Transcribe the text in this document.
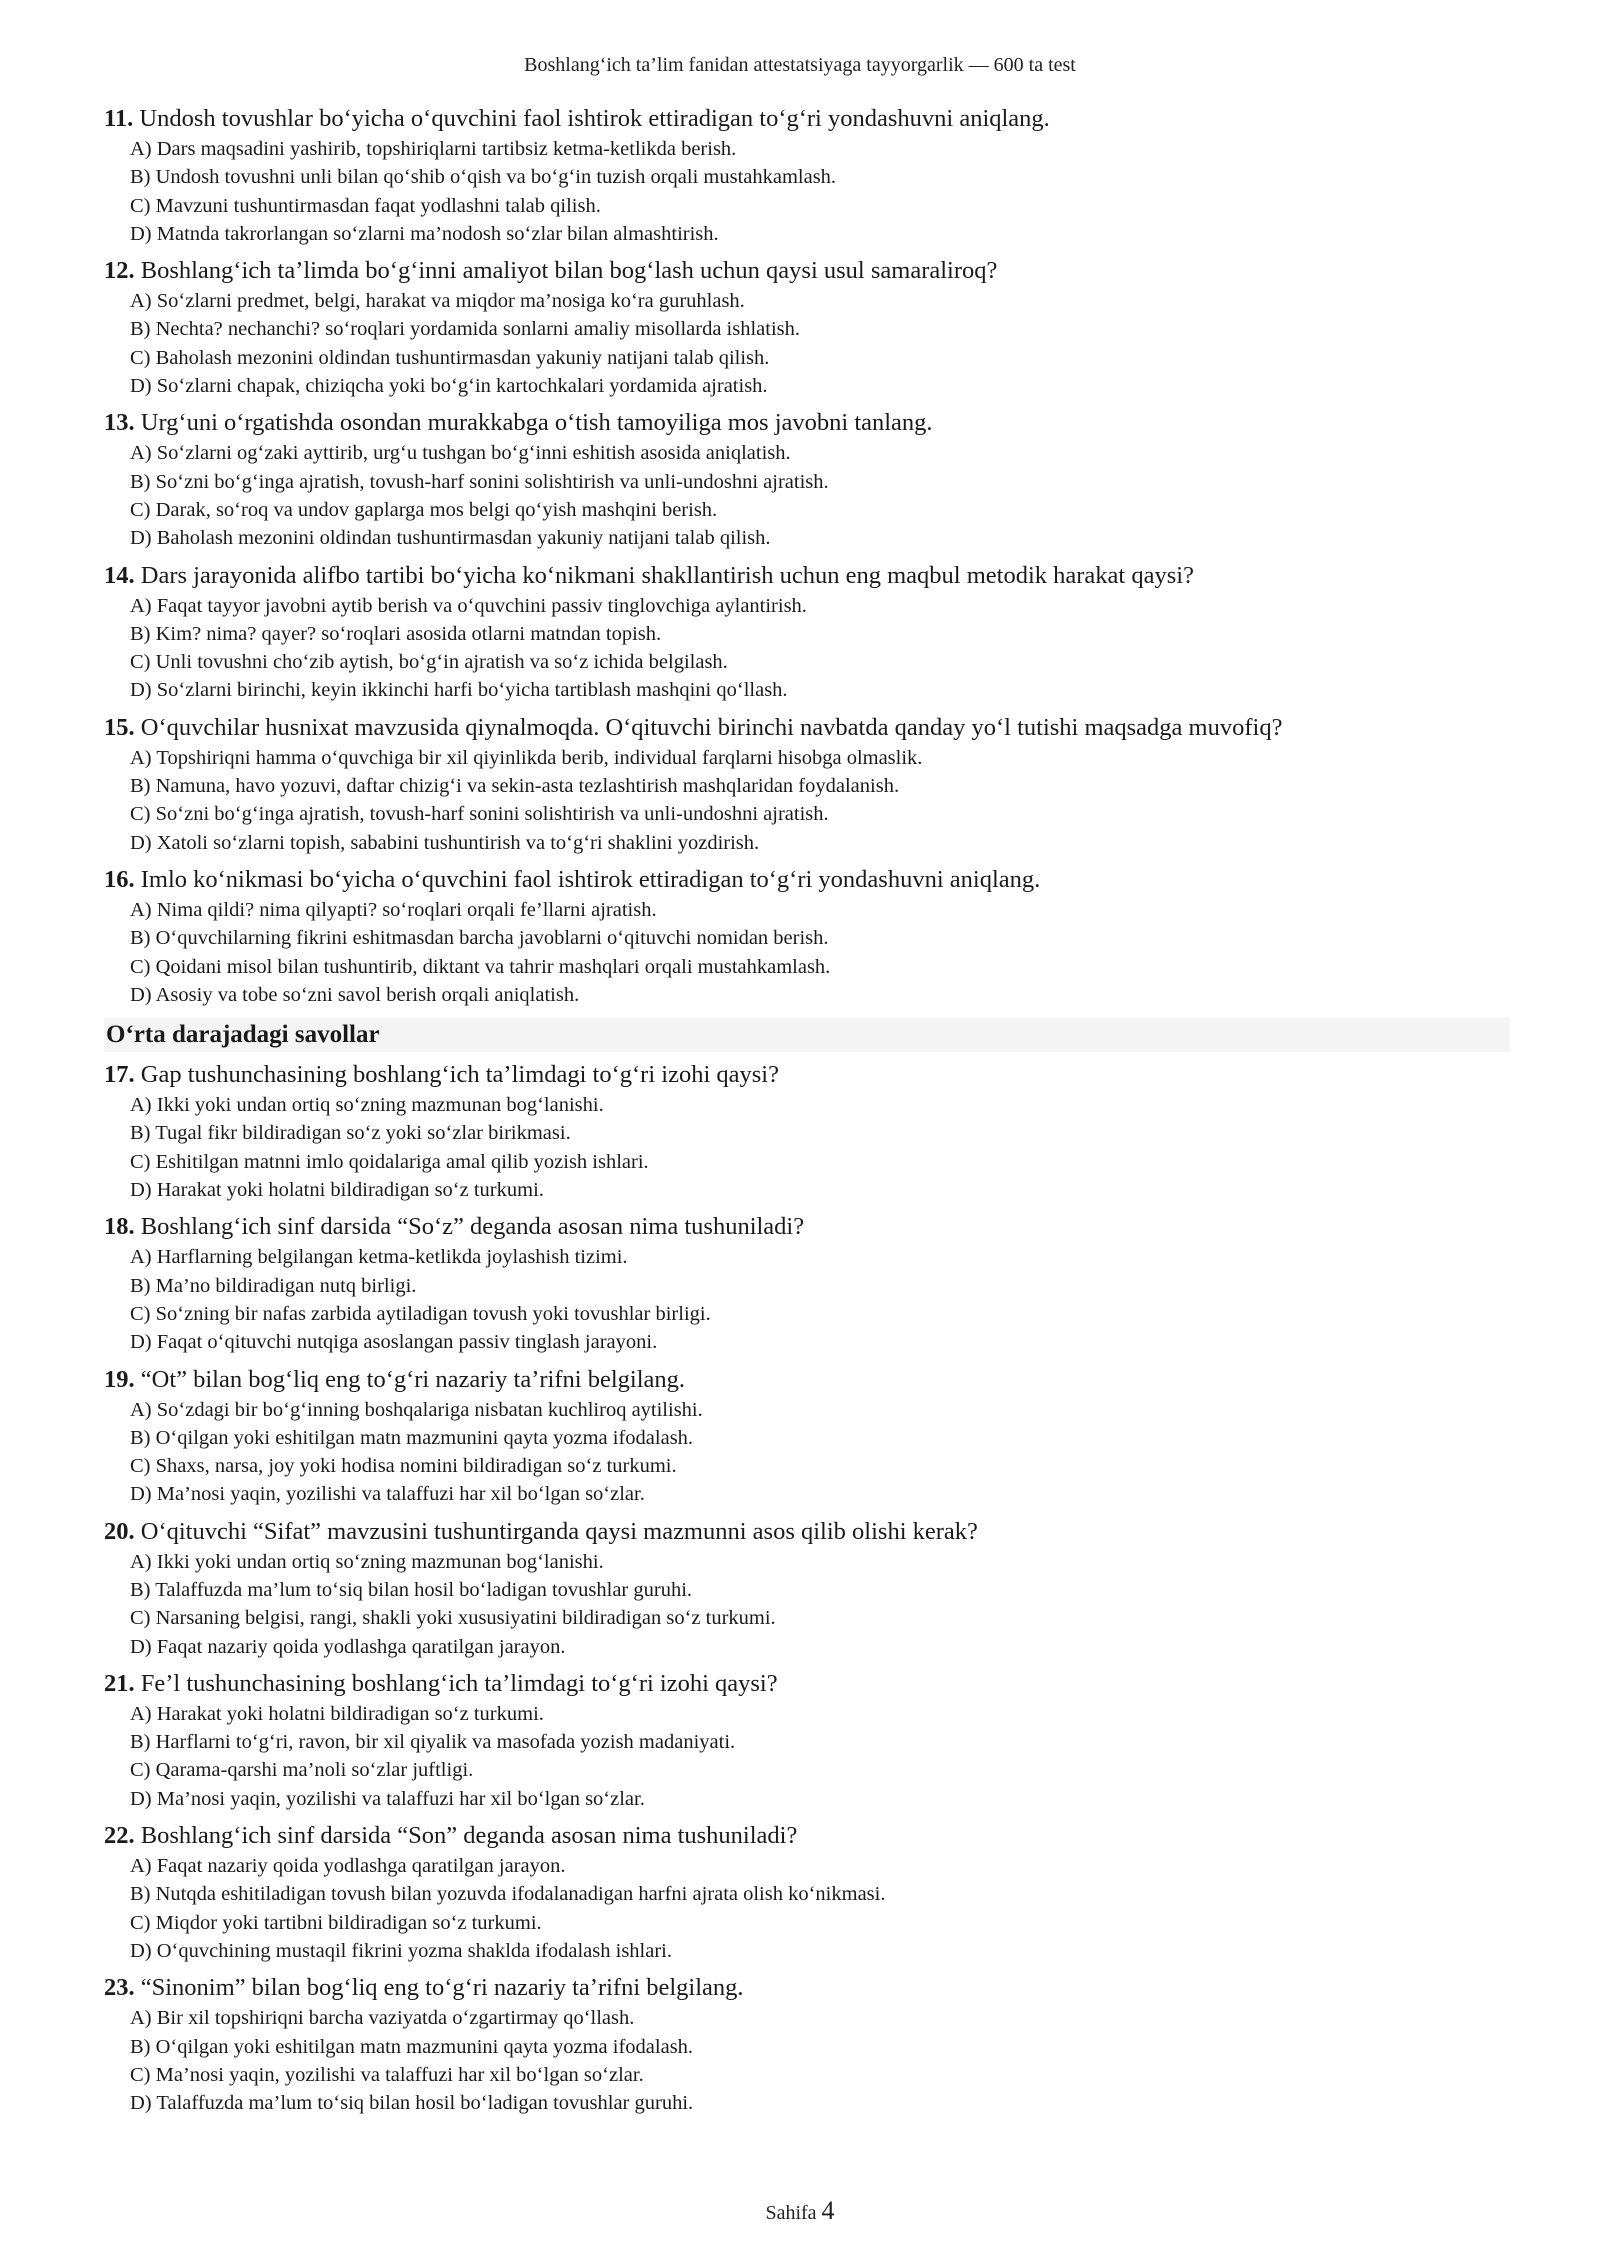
Boshlang‘ich ta’lim fanidan attestatsiyaga tayyorgarlik — 600 ta test

11. Undosh tovushlar bo‘yicha o‘quvchini faol ishtirok ettiradigan to‘g‘ri yondashuvni aniqlang.

A) Dars maqsadini yashirib, topshiriqlarni tartibsiz ketma-ketlikda berish.
B) Undosh tovushni unli bilan qo‘shib o‘qish va bo‘g‘in tuzish orqali mustahkamlash.
C) Mavzuni tushuntirmasdan faqat yodlashni talab qilish.
D) Matnda takrorlangan so‘zlarni ma’nodosh so‘zlar bilan almashtirish.

12. Boshlang‘ich ta’limda bo‘g‘inni amaliyot bilan bog‘lash uchun qaysi usul samaraliroq?

A) So‘zlarni predmet, belgi, harakat va miqdor ma’nosiga ko‘ra guruhlash.
B) Nechta? nechanchi? so‘roqlari yordamida sonlarni amaliy misollarda ishlatish.
C) Baholash mezonini oldindan tushuntirmasdan yakuniy natijani talab qilish.
D) So‘zlarni chapak, chiziqcha yoki bo‘g‘in kartochkalari yordamida ajratish.

13. Urg‘uni o‘rgatishda osondan murakkabga o‘tish tamoyiliga mos javobni tanlang.

A) So‘zlarni og‘zaki ayttirib, urg‘u tushgan bo‘g‘inni eshitish asosida aniqlatish.
B) So‘zni bo‘g‘inga ajratish, tovush-harf sonini solishtirish va unli-undoshni ajratish.
C) Darak, so‘roq va undov gaplarga mos belgi qo‘yish mashqini berish.
D) Baholash mezonini oldindan tushuntirmasdan yakuniy natijani talab qilish.

14. Dars jarayonida alifbo tartibi bo‘yicha ko‘nikmani shakllantirish uchun eng maqbul metodik harakat qaysi?

A) Faqat tayyor javobni aytib berish va o‘quvchini passiv tinglovchiga aylantirish.
B) Kim? nima? qayer? so‘roqlari asosida otlarni matndan topish.
C) Unli tovushni cho‘zib aytish, bo‘g‘in ajratish va so‘z ichida belgilash.
D) So‘zlarni birinchi, keyin ikkinchi harfi bo‘yicha tartiblash mashqini qo‘llash.

15. O‘quvchilar husnixat mavzusida qiynalmoqda. O‘qituvchi birinchi navbatda qanday yo‘l tutishi maqsadga muvofiq?

A) Topshiriqni hamma o‘quvchiga bir xil qiyinlikda berib, individual farqlarni hisobga olmaslik.
B) Namuna, havo yozuvi, daftar chizig‘i va sekin-asta tezlashtirish mashqlaridan foydalanish.
C) So‘zni bo‘g‘inga ajratish, tovush-harf sonini solishtirish va unli-undoshni ajratish.
D) Xatoli so‘zlarni topish, sababini tushuntirish va to‘g‘ri shaklini yozdirish.

16. Imlo ko‘nikmasi bo‘yicha o‘quvchini faol ishtirok ettiradigan to‘g‘ri yondashuvni aniqlang.

A) Nima qildi? nima qilyapti? so‘roqlari orqali fe’llarni ajratish.
B) O‘quvchilarning fikrini eshitmasdan barcha javoblarni o‘qituvchi nomidan berish.
C) Qoidani misol bilan tushuntirib, diktant va tahrir mashqlari orqali mustahkamlash.
D) Asosiy va tobe so‘zni savol berish orqali aniqlatish.
O‘rta darajadagi savollar

17. Gap tushunchasining boshlang‘ich ta’limdagi to‘g‘ri izohi qaysi?

A) Ikki yoki undan ortiq so‘zning mazmunan bog‘lanishi.
B) Tugal fikr bildiradigan so‘z yoki so‘zlar birikmasi.
C) Eshitilgan matnni imlo qoidalariga amal qilib yozish ishlari.
D) Harakat yoki holatni bildiradigan so‘z turkumi.

18. Boshlang‘ich sinf darsida “So‘z” deganda asosan nima tushuniladi?

A) Harflarning belgilangan ketma-ketlikda joylashish tizimi.
B) Ma’no bildiradigan nutq birligi.
C) So‘zning bir nafas zarbida aytiladigan tovush yoki tovushlar birligi.
D) Faqat o‘qituvchi nutqiga asoslangan passiv tinglash jarayoni.

19. “Ot” bilan bog‘liq eng to‘g‘ri nazariy ta’rifni belgilang.

A) So‘zdagi bir bo‘g‘inning boshqalariga nisbatan kuchliroq aytilishi.
B) O‘qilgan yoki eshitilgan matn mazmunini qayta yozma ifodalash.
C) Shaxs, narsa, joy yoki hodisa nomini bildiradigan so‘z turkumi.
D) Ma’nosi yaqin, yozilishi va talaffuzi har xil bo‘lgan so‘zlar.

20. O‘qituvchi “Sifat” mavzusini tushuntirganda qaysi mazmunni asos qilib olishi kerak?

A) Ikki yoki undan ortiq so‘zning mazmunan bog‘lanishi.
B) Talaffuzda ma’lum to‘siq bilan hosil bo‘ladigan tovushlar guruhi.
C) Narsaning belgisi, rangi, shakli yoki xususiyatini bildiradigan so‘z turkumi.
D) Faqat nazariy qoida yodlashga qaratilgan jarayon.

21. Fe’l tushunchasining boshlang‘ich ta’limdagi to‘g‘ri izohi qaysi?

A) Harakat yoki holatni bildiradigan so‘z turkumi.
B) Harflarni to‘g‘ri, ravon, bir xil qiyalik va masofada yozish madaniyati.
C) Qarama-qarshi ma’noli so‘zlar juftligi.
D) Ma’nosi yaqin, yozilishi va talaffuzi har xil bo‘lgan so‘zlar.

22. Boshlang‘ich sinf darsida “Son” deganda asosan nima tushuniladi?

A) Faqat nazariy qoida yodlashga qaratilgan jarayon.
B) Nutqda eshitiladigan tovush bilan yozuvda ifodalanadigan harfni ajrata olish ko‘nikmasi.
C) Miqdor yoki tartibni bildiradigan so‘z turkumi.
D) O‘quvchining mustaqil fikrini yozma shaklda ifodalash ishlari.

23. “Sinonim” bilan bog‘liq eng to‘g‘ri nazariy ta’rifni belgilang.

A) Bir xil topshiriqni barcha vaziyatda o‘zgartirmay qo‘llash.
B) O‘qilgan yoki eshitilgan matn mazmunini qayta yozma ifodalash.
C) Ma’nosi yaqin, yozilishi va talaffuzi har xil bo‘lgan so‘zlar.
D) Talaffuzda ma’lum to‘siq bilan hosil bo‘ladigan tovushlar guruhi.
Sahifa 4
